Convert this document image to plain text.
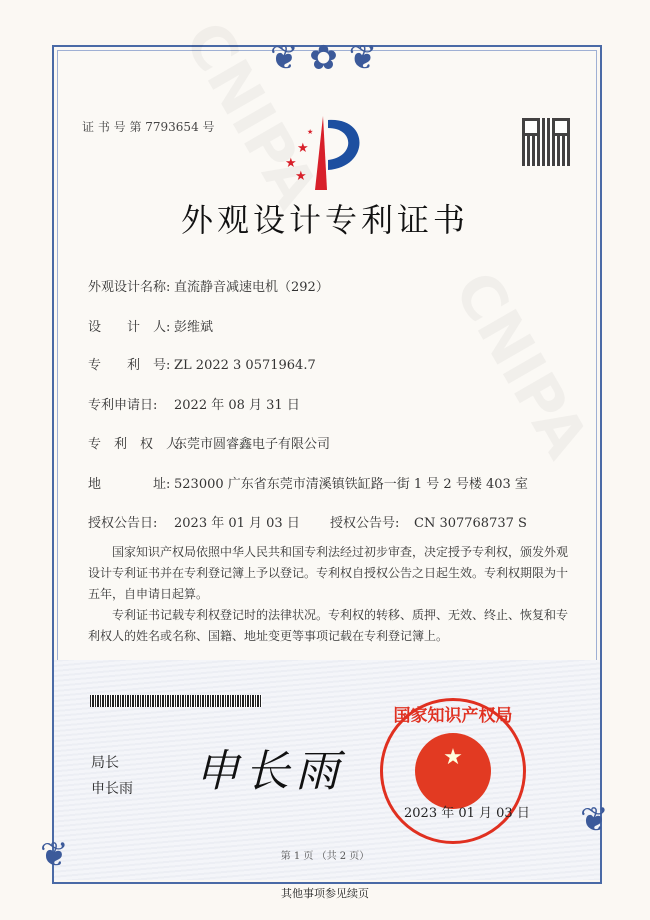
❦ ✿ ❦
❦
❦
证 书 号 第 7793654 号
★
★
★
★
外观设计专利证书
外观设计名称: 直流静音减速电机（292）
设　　计　人: 彭维斌
专　　利　号: ZL 2022 3 0571964.7
专利申请日: 2022 年 08 月 31 日
专　利　权　人:东莞市圆睿鑫电子有限公司
地　　　　址: 523000 广东省东莞市清溪镇铁缸路一街 1 号 2 号楼 403 室
授权公告日: 2023 年 01 月 03 日 授权公告号: CN 307768737 S
国家知识产权局依照中华人民共和国专利法经过初步审查，决定授予专利权，颁发外观设计专利证书并在专利登记簿上予以登记。专利权自授权公告之日起生效。专利权期限为十五年，自申请日起算。
专利证书记载专利权登记时的法律状况。专利权的转移、质押、无效、终止、恢复和专利权人的姓名或名称、国籍、地址变更等事项记载在专利登记簿上。
局长
申长雨 申长雨	★
国家知识产权局
2023 年 01 月 03 日
第 1 页 （共 2 页）
其他事项参见续页
